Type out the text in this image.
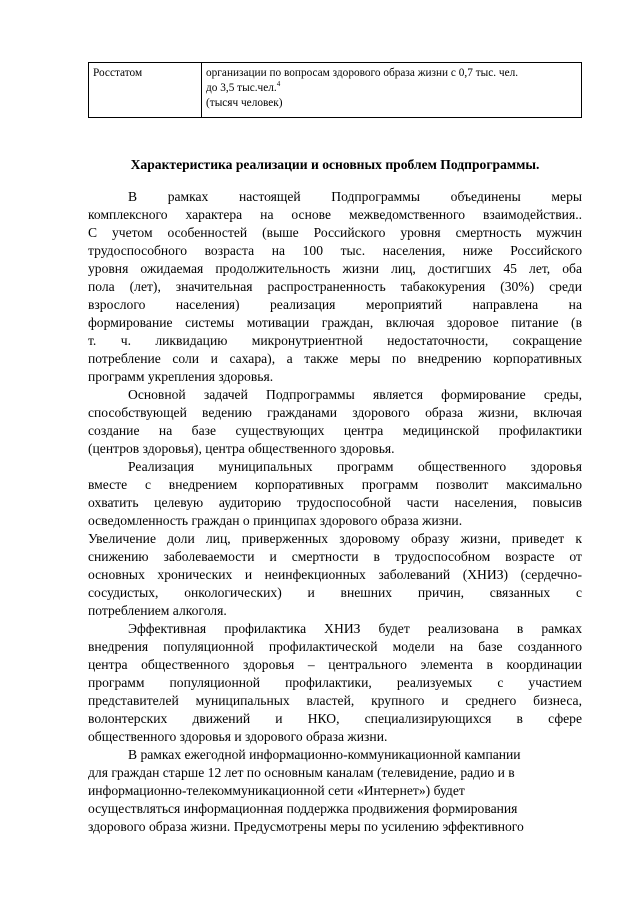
Росстатом	организации по вопросам здорового образа жизни с 0,7 тыс. чел.
до 3,5 тыс.чел.$^4$
(тысяч человек)
Характеристика реализации и основных проблем Подпрограммы.
В рамках настоящей Подпрограммы объединены меры
комплексного характера на основе межведомственного взаимодействия..
С учетом особенностей (выше Российского уровня смертность мужчин
трудоспособного возраста на 100 тыс. населения, ниже Российского
уровня ожидаемая продолжительность жизни лиц, достигших 45 лет, оба
пола (лет), значительная распространенность табакокурения (30%) среди
взрослого населения) реализация мероприятий направлена на
формирование системы мотивации граждан, включая здоровое питание (в
т. ч. ликвидацию микронутриентной недостаточности, сокращение
потребление соли и сахара), а также меры по внедрению корпоративных
программ укрепления здоровья.
Основной задачей Подпрограммы является формирование среды,
способствующей ведению гражданами здорового образа жизни, включая
создание на базе существующих центра медицинской профилактики
(центров здоровья), центра общественного здоровья.
Реализация муниципальных программ общественного здоровья
вместе с внедрением корпоративных программ позволит максимально
охватить целевую аудиторию трудоспособной части населения, повысив
осведомленность граждан о принципах здорового образа жизни.
Увеличение доли лиц, приверженных здоровому образу жизни, приведет к
снижению заболеваемости и смертности в трудоспособном возрасте от
основных хронических и неинфекционных заболеваний (ХНИЗ) (сердечно-
сосудистых, онкологических) и внешних причин, связанных с
потреблением алкоголя.
Эффективная профилактика ХНИЗ будет реализована в рамках
внедрения популяционной профилактической модели на базе созданного
центра общественного здоровья – центрального элемента в координации
программ популяционной профилактики, реализуемых с участием
представителей муниципальных властей, крупного и среднего бизнеса,
волонтерских движений и НКО, специализирующихся в сфере
общественного здоровья и здорового образа жизни.
В рамках ежегодной информационно-коммуникационной кампании
для граждан старше 12 лет по основным каналам (телевидение, радио и в
информационно-телекоммуникационной сети «Интернет») будет
осуществляться информационная поддержка продвижения формирования
здорового образа жизни. Предусмотрены меры по усилению эффективного
